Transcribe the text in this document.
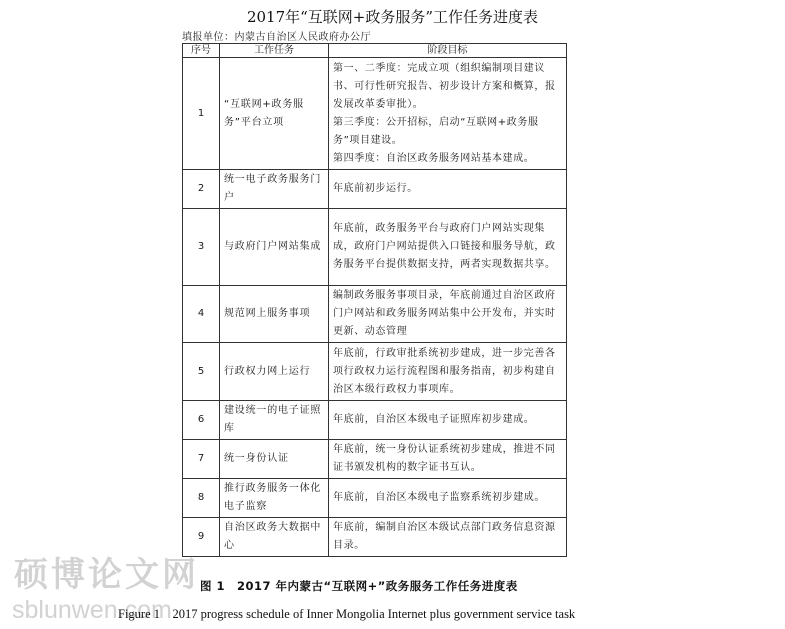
2017年“互联网+政务服务”工作任务进度表
填报单位：内蒙古自治区人民政府办公厅
序号	工作任务	阶段目标
1	“互联网+政务服务”平台立项	第一、二季度：完成立项（组织编制项目建议书、可行性研究报告、初步设计方案和概算，报发展改革委审批）。

第三季度：公开招标，启动“互联网+政务服务”项目建设。

第四季度：自治区政务服务网站基本建成。

2	统一电子政务服务门户	年底前初步运行。

3	与政府门户网站集成	年底前，政务服务平台与政府门户网站实现集成，政府门户网站提供入口链接和服务导航，政务服务平台提供数据支持，两者实现数据共享。

4	规范网上服务事项	编制政务服务事项目录，年底前通过自治区政府门户网站和政务服务网站集中公开发布，并实时更新、动态管理

5	行政权力网上运行	年底前，行政审批系统初步建成，进一步完善各项行政权力运行流程图和服务指南，初步构建自治区本级行政权力事项库。

6	建设统一的电子证照库	年底前，自治区本级电子证照库初步建成。

7	统一身份认证	年底前，统一身份认证系统初步建成，推进不同证书颁发机构的数字证书互认。

8	推行政务服务一体化电子监察	年底前，自治区本级电子监察系统初步建成。

9	自治区政务大数据中心	年底前，编制自治区本级试点部门政务信息资源目录。

硕博论文网
sblunwen.com
图 1　2017 年内蒙古“互联网+”政务服务工作任务进度表
Figure 1　2017 progress schedule of Inner Mongolia Internet plus government service task
